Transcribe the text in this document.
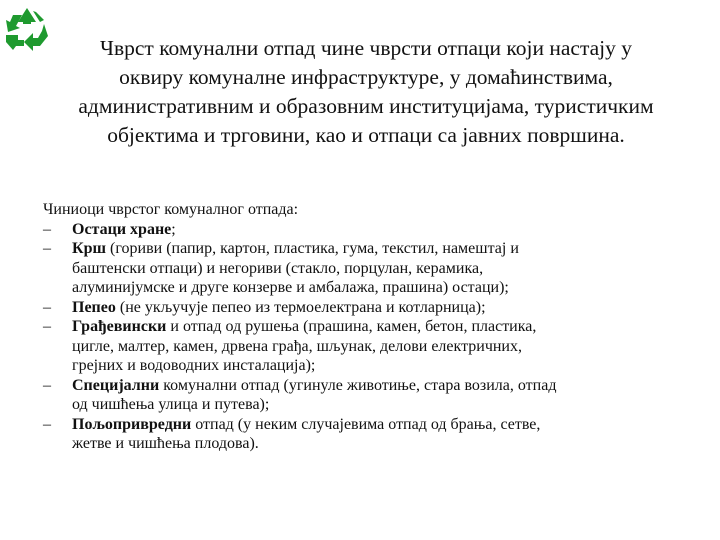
Чврст комунални отпад чине чврсти отпаци који настају у
оквиру комуналне инфраструктуре, у домаћинствима,
административним и образовним институцијама, туристичким
објектима и трговини, као и отпаци са јавних површина.
Чиниоци чврстог комуналног отпада:
– Остаци хране;
– Крш (гориви (папир, картон, пластика, гума, текстил, намештај и
баштенски отпаци) и негориви (стакло, порцулан, керамика,
алуминијумске и друге конзерве и амбалажа, прашина) остаци);
– Пепео (не укључује пепео из термоелектрана и котларница);
– Грађевински и отпад од рушења (прашина, камен, бетон, пластика,
цигле, малтер, камен, дрвена грађа, шљунак, делови електричних,
грејних и водоводних инсталација);
– Специјални комунални отпад (угинуле животиње, стара возила, отпад
од чишћења улица и путева);
– Пољопривредни отпад (у неким случајевима отпад од брања, сетве,
жетве и чишћења плодова).
